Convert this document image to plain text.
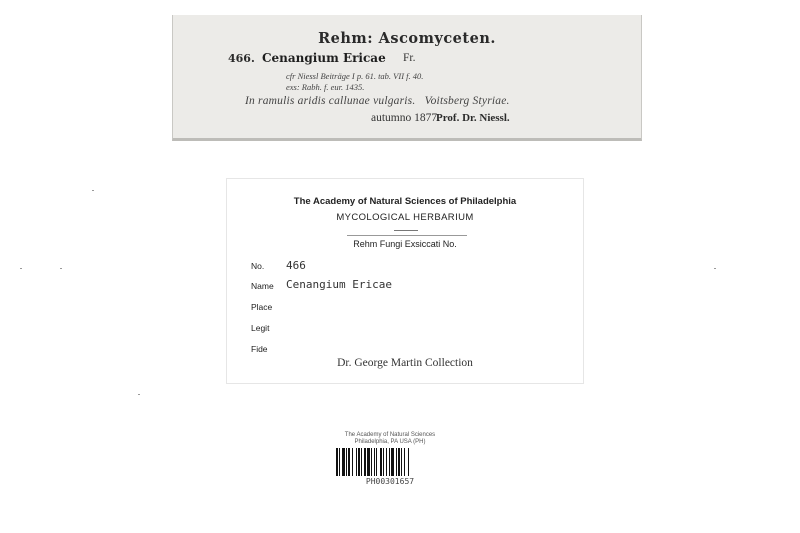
Rehm: Ascomyceten.
466. Cenangium Ericae Fr.
cfr Niessl Beiträge I p. 61. tab. VII f. 40.
exs: Rabh. f. eur. 1435.
In ramulis aridis callunae vulgaris.   Voitsberg Styriae.
autumno 1877.
Prof. Dr. Niessl.
The Academy of Natural Sciences of Philadelphia
MYCOLOGICAL HERBARIUM
Rehm Fungi Exsiccati No.
No. 466
Name Cenangium Ericae
Place
Legit
Fide
Dr. George Martin Collection
The Academy of Natural Sciences
Philadelphia, PA USA (PH)
PH00301657
